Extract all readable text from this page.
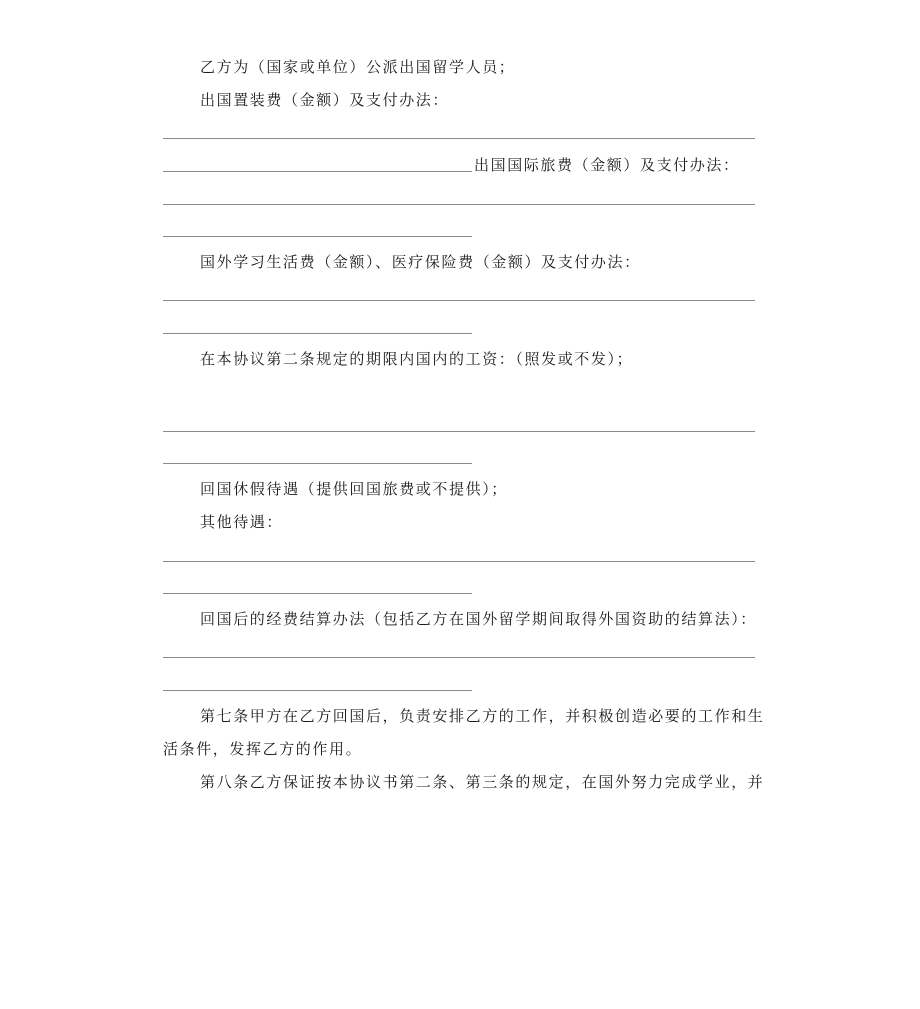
乙方为（国家或单位）公派出国留学人员；
出国置装费（金额）及支付办法：
出国国际旅费（金额）及支付办法：
国外学习生活费（金额）、医疗保险费（金额）及支付办法：
在本协议第二条规定的期限内国内的工资：（照发或不发）；
回国休假待遇（提供回国旅费或不提供）；
其他待遇：
回国后的经费结算办法（包括乙方在国外留学期间取得外国资助的结算法）：
第七条甲方在乙方回国后，负责安排乙方的工作，并积极创造必要的工作和生
活条件，发挥乙方的作用。
第八条乙方保证按本协议书第二条、第三条的规定，在国外努力完成学业，并
